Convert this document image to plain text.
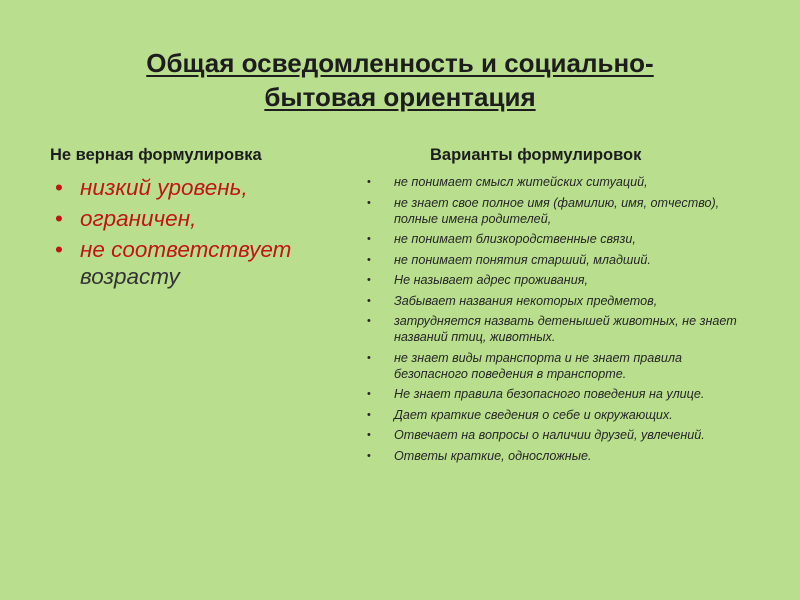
Общая осведомленность и социально-
бытовая ориентация
Не верная формулировка
• низкий уровень,
• ограничен,
• не соответствует
возрасту
Варианты формулировок
• не понимает смысл житейских ситуаций,
• не знает свое полное имя (фамилию, имя, отчество), полные имена родителей,
• не понимает близкородственные связи,
• не понимает понятия старший, младший.
• Не называет адрес проживания,
• Забывает названия некоторых предметов,
• затрудняется назвать детенышей животных, не знает названий птиц, животных.
• не знает виды транспорта и не знает правила безопасного поведения в транспорте.
• Не знает правила безопасного поведения на улице.
• Дает краткие сведения о себе и окружающих.
• Отвечает на вопросы о наличии друзей, увлечений.
• Ответы краткие, односложные.
